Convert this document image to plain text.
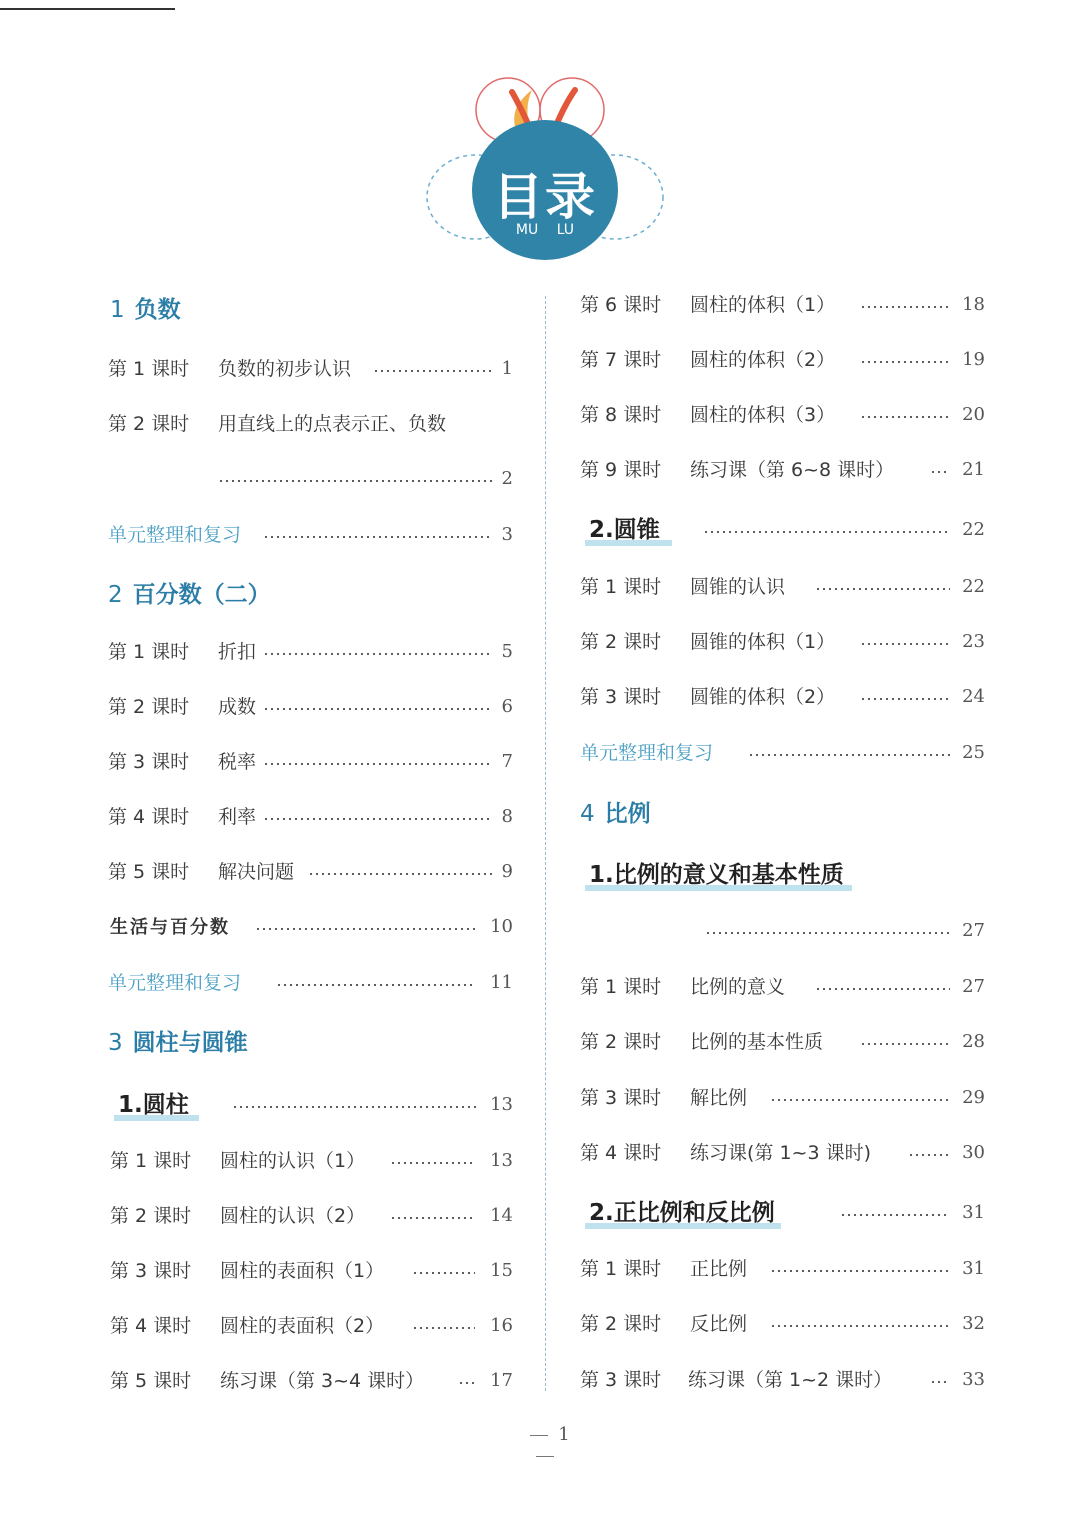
目录
MU LU
1 负数
第 1 课时 负数的初步认识	1
第 2 课时 用直线上的点表示正、负数
2
单元整理和复习	3
2 百分数（二）
第 1 课时 折扣	5
第 2 课时 成数	6
第 3 课时 税率	7
第 4 课时 利率	8
第 5 课时 解决问题	9
生活与百分数	10
单元整理和复习	11
3 圆柱与圆锥
1.圆柱	13
第 1 课时 圆柱的认识（1）	13
第 2 课时 圆柱的认识（2）	14
第 3 课时 圆柱的表面积（1）	15
第 4 课时 圆柱的表面积（2）	16
第 5 课时 练习课（第 3~4 课时）	17
第 6 课时 圆柱的体积（1）	18
第 7 课时 圆柱的体积（2）	19
第 8 课时 圆柱的体积（3）	20
第 9 课时 练习课（第 6~8 课时）	21
2.圆锥	22
第 1 课时 圆锥的认识	22
第 2 课时 圆锥的体积（1）	23
第 3 课时 圆锥的体积（2）	24
单元整理和复习	25
4 比例
1.比例的意义和基本性质
27
第 1 课时 比例的意义	27
第 2 课时 比例的基本性质	28
第 3 课时 解比例	29
第 4 课时 练习课(第 1~3 课时)	30
2.正比例和反比例	31
第 1 课时 正比例	31
第 2 课时 反比例	32
第 3 课时 练习课（第 1~2 课时）	33
1
